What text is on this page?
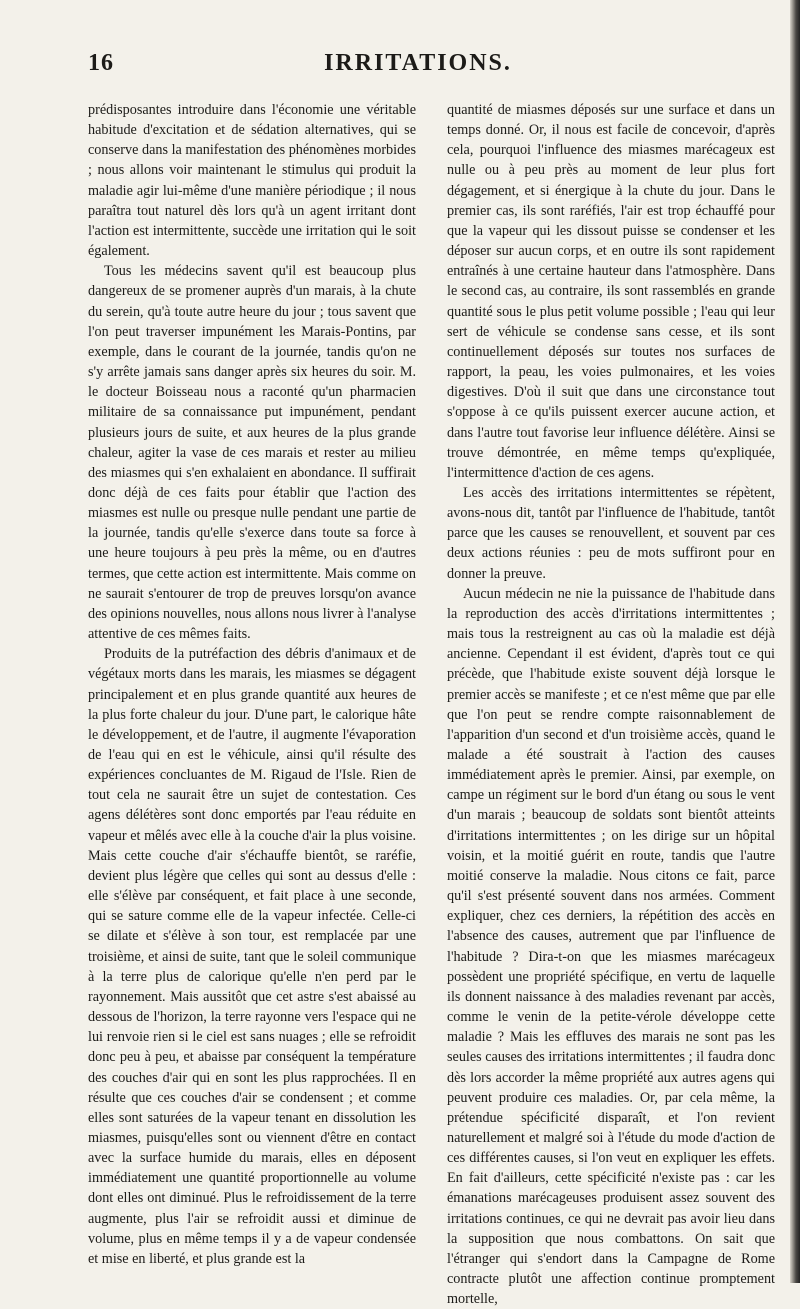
16	IRRITATIONS.

prédisposantes introduire dans l'économie une véritable habitude d'excitation et de sédation alternatives, qui se conserve dans la manifestation des phénomènes morbides ; nous allons voir maintenant le stimulus qui produit la maladie agir lui-même d'une manière périodique ; il nous paraîtra tout naturel dès lors qu'à un agent irritant dont l'action est intermittente, succède une irritation qui le soit également.

Tous les médecins savent qu'il est beaucoup plus dangereux de se promener auprès d'un marais, à la chute du serein, qu'à toute autre heure du jour ; tous savent que l'on peut traverser impunément les Marais-Pontins, par exemple, dans le courant de la journée, tandis qu'on ne s'y arrête jamais sans danger après six heures du soir. M. le docteur Boisseau nous a raconté qu'un pharmacien militaire de sa connaissance put impunément, pendant plusieurs jours de suite, et aux heures de la plus grande chaleur, agiter la vase de ces marais et rester au milieu des miasmes qui s'en exhalaient en abondance. Il suffirait donc déjà de ces faits pour établir que l'action des miasmes est nulle ou presque nulle pendant une partie de la journée, tandis qu'elle s'exerce dans toute sa force à une heure toujours à peu près la même, ou en d'autres termes, que cette action est intermittente. Mais comme on ne saurait s'entourer de trop de preuves lorsqu'on avance des opinions nouvelles, nous allons nous livrer à l'analyse attentive de ces mêmes faits.

Produits de la putréfaction des débris d'animaux et de végétaux morts dans les marais, les miasmes se dégagent principalement et en plus grande quantité aux heures de la plus forte chaleur du jour. D'une part, le calorique hâte le développement, et de l'autre, il augmente l'évaporation de l'eau qui en est le véhicule, ainsi qu'il résulte des expériences concluantes de M. Rigaud de l'Isle. Rien de tout cela ne saurait être un sujet de contestation. Ces agens délétères sont donc emportés par l'eau réduite en vapeur et mêlés avec elle à la couche d'air la plus voisine. Mais cette couche d'air s'échauffe bientôt, se raréfie, devient plus légère que celles qui sont au dessus d'elle : elle s'élève par conséquent, et fait place à une seconde, qui se sature comme elle de la vapeur infectée. Celle-ci se dilate et s'élève à son tour, est remplacée par une troisième, et ainsi de suite, tant que le soleil communique à la terre plus de calorique qu'elle n'en perd par le rayonnement. Mais aussitôt que cet astre s'est abaissé au dessous de l'horizon, la terre rayonne vers l'espace qui ne lui renvoie rien si le ciel est sans nuages ; elle se refroidit donc peu à peu, et abaisse par conséquent la température des couches d'air qui en sont les plus rapprochées. Il en résulte que ces couches d'air se condensent ; et comme elles sont saturées de la vapeur tenant en dissolution les miasmes, puisqu'elles sont ou viennent d'être en contact avec la surface humide du marais, elles en déposent immédiatement une quantité proportionnelle au volume dont elles ont diminué. Plus le refroidissement de la terre augmente, plus l'air se refroidit aussi et diminue de volume, plus en même temps il y a de vapeur condensée et mise en liberté, et plus grande est la

quantité de miasmes déposés sur une surface et dans un temps donné. Or, il nous est facile de concevoir, d'après cela, pourquoi l'influence des miasmes marécageux est nulle ou à peu près au moment de leur plus fort dégagement, et si énergique à la chute du jour. Dans le premier cas, ils sont raréfiés, l'air est trop échauffé pour que la vapeur qui les dissout puisse se condenser et les déposer sur aucun corps, et en outre ils sont rapidement entraînés à une certaine hauteur dans l'atmosphère. Dans le second cas, au contraire, ils sont rassemblés en grande quantité sous le plus petit volume possible ; l'eau qui leur sert de véhicule se condense sans cesse, et ils sont continuellement déposés sur toutes nos surfaces de rapport, la peau, les voies pulmonaires, et les voies digestives. D'où il suit que dans une circonstance tout s'oppose à ce qu'ils puissent exercer aucune action, et dans l'autre tout favorise leur influence délétère. Ainsi se trouve démontrée, en même temps qu'expliquée, l'intermittence d'action de ces agens.

Les accès des irritations intermittentes se répètent, avons-nous dit, tantôt par l'influence de l'habitude, tantôt parce que les causes se renouvellent, et souvent par ces deux actions réunies : peu de mots suffiront pour en donner la preuve.

Aucun médecin ne nie la puissance de l'habitude dans la reproduction des accès d'irritations intermittentes ; mais tous la restreignent au cas où la maladie est déjà ancienne. Cependant il est évident, d'après tout ce qui précède, que l'habitude existe souvent déjà lorsque le premier accès se manifeste ; et ce n'est même que par elle que l'on peut se rendre compte raisonnablement de l'apparition d'un second et d'un troisième accès, quand le malade a été soustrait à l'action des causes immédiatement après le premier. Ainsi, par exemple, on campe un régiment sur le bord d'un étang ou sous le vent d'un marais ; beaucoup de soldats sont bientôt atteints d'irritations intermittentes ; on les dirige sur un hôpital voisin, et la moitié guérit en route, tandis que l'autre moitié conserve la maladie. Nous citons ce fait, parce qu'il s'est présenté souvent dans nos armées. Comment expliquer, chez ces derniers, la répétition des accès en l'absence des causes, autrement que par l'influence de l'habitude ? Dira-t-on que les miasmes marécageux possèdent une propriété spécifique, en vertu de laquelle ils donnent naissance à des maladies revenant par accès, comme le venin de la petite-vérole développe cette maladie ? Mais les effluves des marais ne sont pas les seules causes des irritations intermittentes ; il faudra donc dès lors accorder la même propriété aux autres agens qui peuvent produire ces maladies. Or, par cela même, la prétendue spécificité disparaît, et l'on revient naturellement et malgré soi à l'étude du mode d'action de ces différentes causes, si l'on veut en expliquer les effets. En fait d'ailleurs, cette spécificité n'existe pas : car les émanations marécageuses produisent assez souvent des irritations continues, ce qui ne devrait pas avoir lieu dans la supposition que nous combattons. On sait que l'étranger qui s'endort dans la Campagne de Rome contracte plutôt une affection continue promptement mortelle,
